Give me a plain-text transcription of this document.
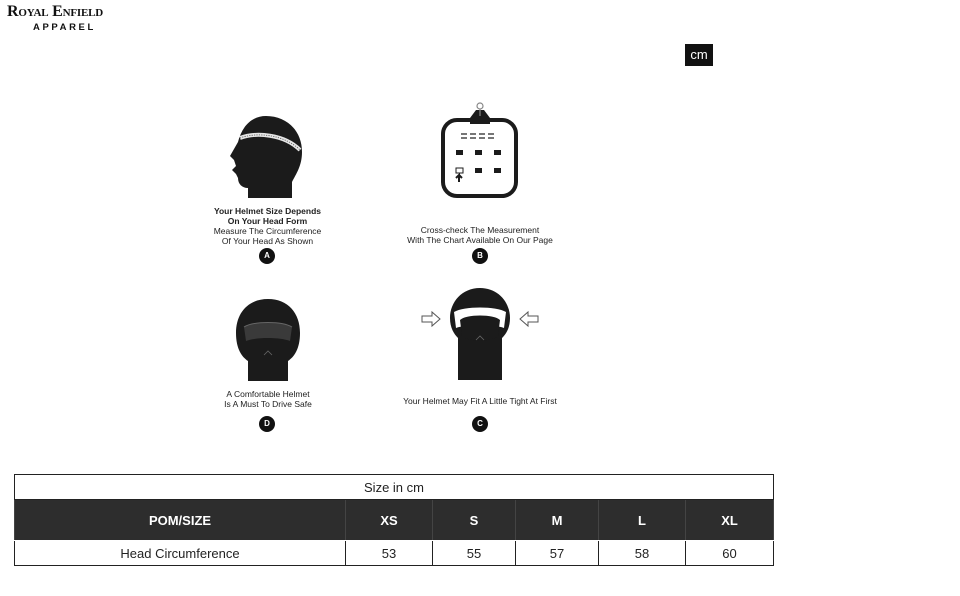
Royal Enfield
APPAREL
cm
Your Helmet Size Depends
On Your Head Form
Measure The Circumference
Of Your Head As Shown
A
Cross-check The Measurement
With The Chart Available On Our Page
B
A Comfortable Helmet
Is A Must To Drive Safe
D
Your Helmet May Fit A Little Tight At First
C
Size in cm					
POM/SIZE	XS	S	M	L	XL
Head Circumference	53	55	57	58	60
